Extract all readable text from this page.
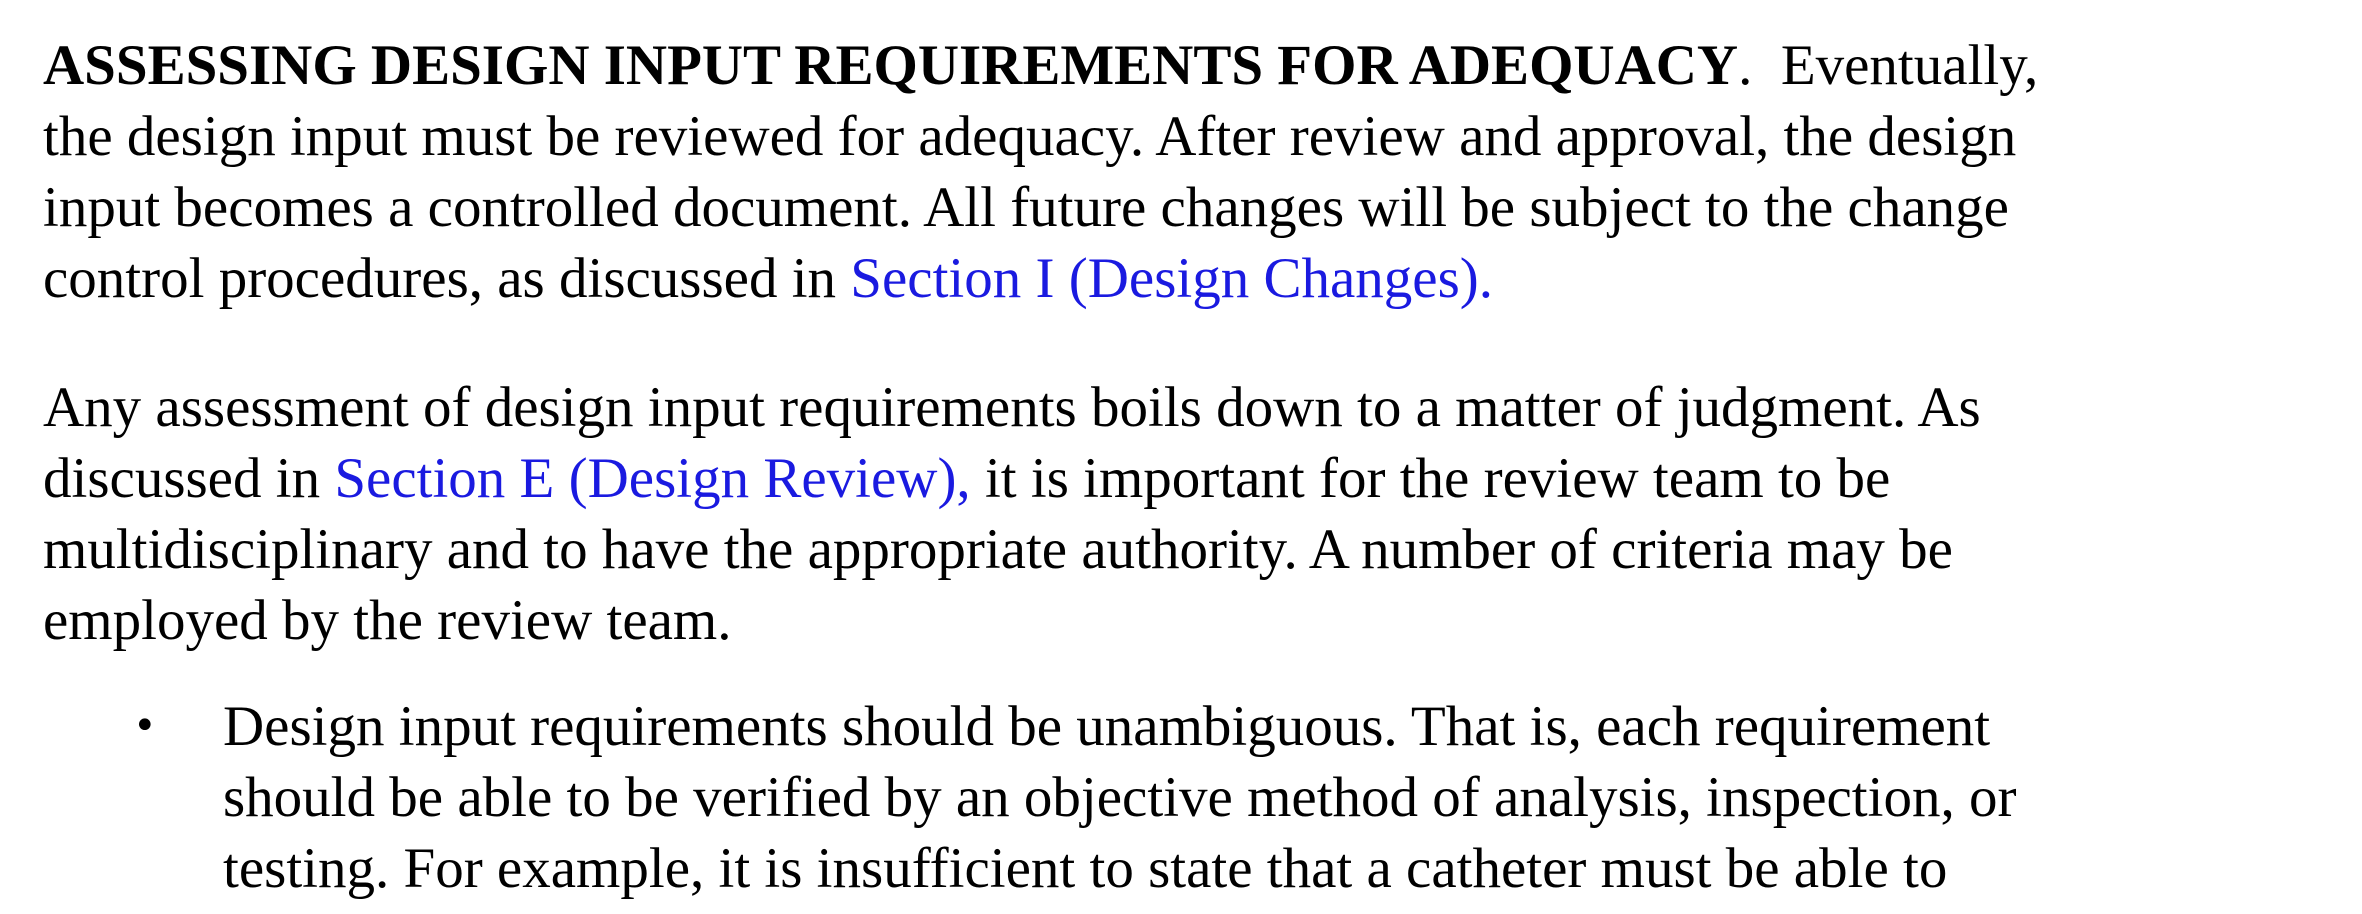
ASSESSING DESIGN INPUT REQUIREMENTS FOR ADEQUACY.  Eventually,
the design input must be reviewed for adequacy. After review and approval, the design
input becomes a controlled document. All future changes will be subject to the change
control procedures, as discussed in Section I (Design Changes).

Any assessment of design input requirements boils down to a matter of judgment. As
discussed in Section E (Design Review), it is important for the review team to be
multidisciplinary and to have the appropriate authority. A number of criteria may be
employed by the review team.

• Design input requirements should be unambiguous. That is, each requirement
should be able to be verified by an objective method of analysis, inspection, or
testing. For example, it is insufficient to state that a catheter must be able to
